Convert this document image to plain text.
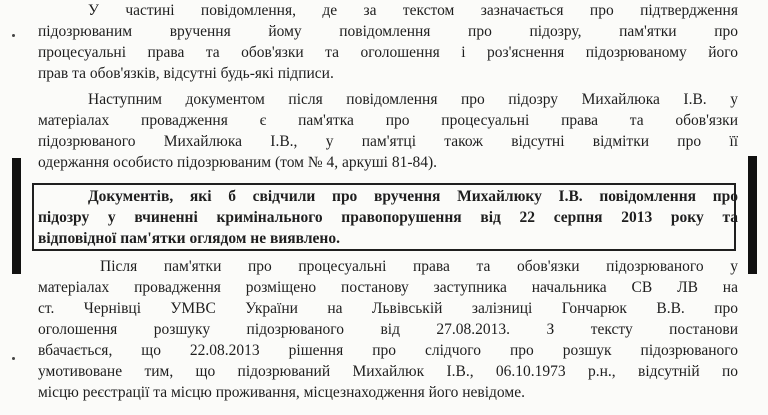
У частині повідомлення, де за текстом зазначається про підтвердження
підозрюваним вручення йому повідомлення про підозру, пам'ятки про
процесуальні права та обов'язки та оголошення і роз'яснення підозрюваному його
прав та обов'язків, відсутні будь-які підписи.
Наступним документом після повідомлення про підозру Михайлюка І.В. у
матеріалах провадження є пам'ятка про процесуальні права та обов'язки
підозрюваного Михайлюка І.В., у пам'ятці також відсутні відмітки про її
одержання особисто підозрюваним (том № 4, аркуші 81-84).
Документів, які б свідчили про вручення Михайлюку І.В. повідомлення про
підозру у вчиненні кримінального правопорушення від 22 серпня 2013 року та
відповідної пам'ятки оглядом не виявлено.
Після пам'ятки про процесуальні права та обов'язки підозрюваного у
матеріалах провадження розміщено постанову заступника начальника СВ ЛВ на
ст. Чернівці УМВС України на Львівській залізниці Гончарюк В.В. про
оголошення розшуку підозрюваного від 27.08.2013. З тексту постанови
вбачається, що 22.08.2013 рішення про слідчого про розшук підозрюваного
умотивоване тим, що підозрюваний Михайлюк І.В., 06.10.1973 р.н., відсутній по
місцю реєстрації та місцю проживання, місцезнаходження його невідоме.
